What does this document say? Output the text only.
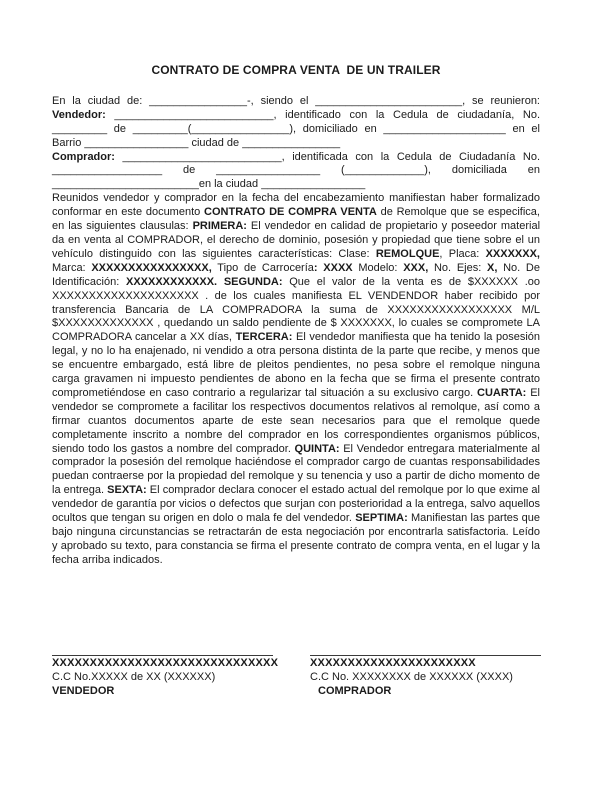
CONTRATO DE COMPRA VENTA  DE UN TRAILER
En la ciudad de: ________________-, siendo el ________________________, se reunieron:
Vendedor: __________________________, identificado con la Cedula de ciudadanía, No.
_________ de _________(________________), domiciliado en ____________________ en el
Barrio _________________ ciudad de ________________
Comprador: __________________________, identificada con la Cedula de Ciudadanía No.
__________________ de _________________ (_____________), domiciliada en
________________________en la ciudad _________________

Reunidos vendedor y comprador en la fecha del encabezamiento manifiestan haber formalizado conformar en este documento CONTRATO DE COMPRA VENTA de Remolque que se especifica, en las siguientes clausulas: PRIMERA: El vendedor en calidad de propietario y poseedor material da en venta al COMPRADOR, el derecho de dominio, posesión y propiedad que tiene sobre el un vehículo distinguido con las siguientes características: Clase: REMOLQUE, Placa: XXXXXXX, Marca: XXXXXXXXXXXXXXXX, Tipo de Carrocería: XXXX Modelo: XXX, No. Ejes: X, No. De Identificación: XXXXXXXXXXXX. SEGUNDA: Que el valor de la venta es de $XXXXXX .oo XXXXXXXXXXXXXXXXXXXX . de los cuales manifiesta EL VENDENDOR haber recibido por transferencia Bancaria de LA COMPRADORA la suma de XXXXXXXXXXXXXXXXX M/L $XXXXXXXXXXXXX , quedando un saldo pendiente de $ XXXXXXX, lo cuales se compromete LA COMPRADORA cancelar a XX días, TERCERA: El vendedor manifiesta que ha tenido la posesión legal, y no lo ha enajenado, ni vendido a otra persona distinta de la parte que recibe, y menos que se encuentre embargado, está libre de pleitos pendientes, no pesa sobre el remolque ninguna carga gravamen ni impuesto pendientes de abono en la fecha que se firma el presente contrato comprometiéndose en caso contrario a regularizar tal situación a su exclusivo cargo. CUARTA: El vendedor se compromete a facilitar los respectivos documentos relativos al remolque, así como a firmar cuantos documentos aparte de este sean necesarios para que el remolque quede completamente inscrito a nombre del comprador en los correspondientes organismos públicos, siendo todo los gastos a nombre del comprador. QUINTA: El Vendedor entregara materialmente al comprador la posesión del remolque haciéndose el comprador cargo de cuantas responsabilidades puedan contraerse por la propiedad del remolque y su tenencia y uso a partir de dicho momento de la entrega. SEXTA: El comprador declara conocer el estado actual del remolque por lo que exime al vendedor de garantía por vicios o defectos que surjan con posterioridad a la entrega, salvo aquellos ocultos que tengan su origen en dolo o mala fe del vendedor. SEPTIMA: Manifiestan las partes que bajo ninguna circunstancias se retractarán de esta negociación por encontrarla satisfactoria. Leído y aprobado su texto, para constancia se firma el presente contrato de compra venta, en el lugar y la fecha arriba indicados.

XXXXXXXXXXXXXXXXXXXXXXXXXXXXXX
C.C No.XXXXX de XX (XXXXXX)
VENDEDOR
XXXXXXXXXXXXXXXXXXXXXX
C.C No. XXXXXXXX de XXXXXX (XXXX)
COMPRADOR
